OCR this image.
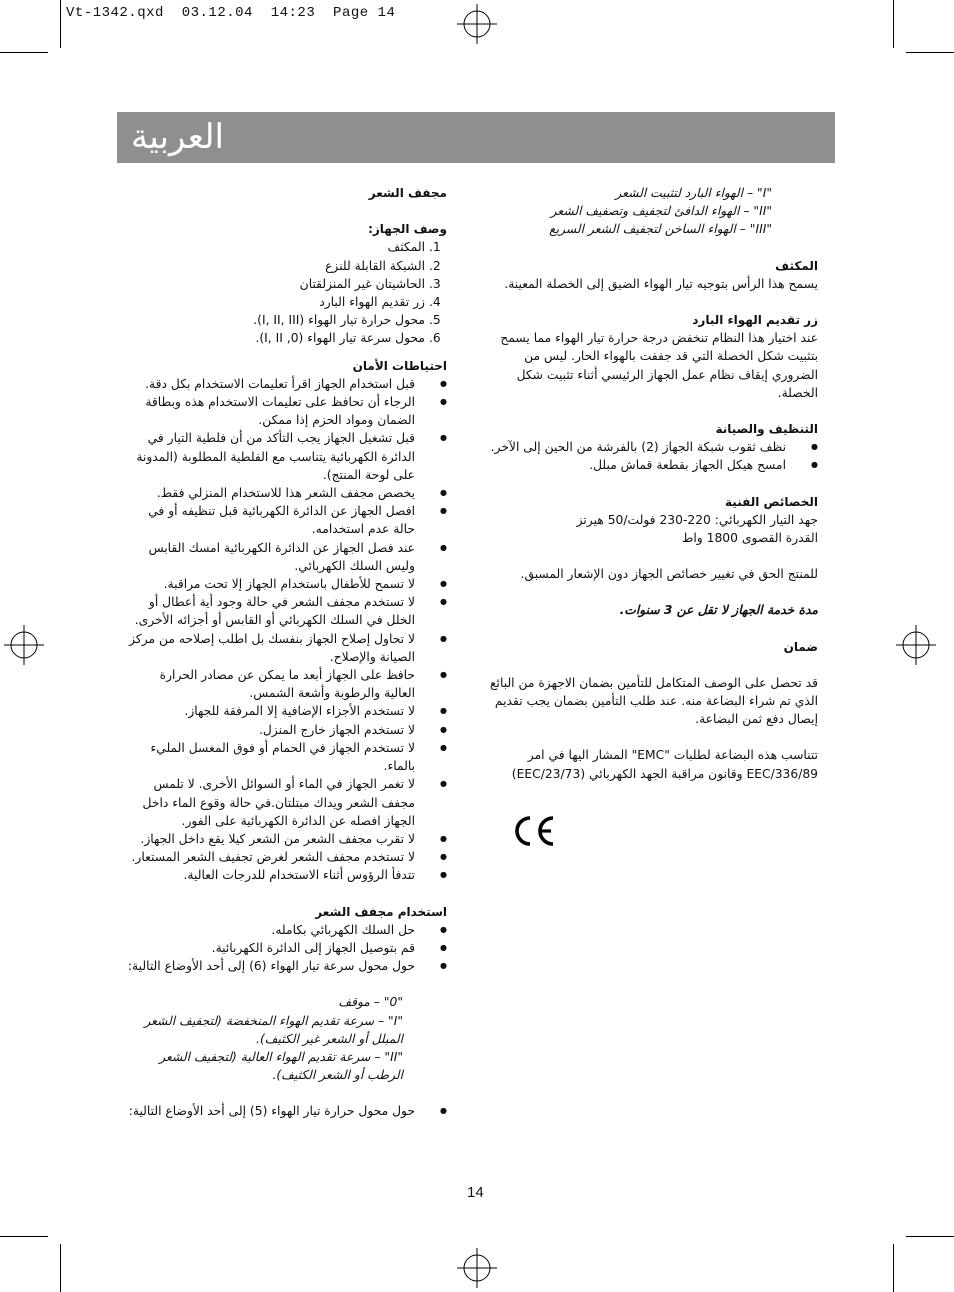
Vt-1342.qxd  03.12.04  14:23  Page 14
العربية

مجفف الشعر

وصف الجهاز:

1.
المكثف
2.
الشبكة القابلة للنزع
3.
الحاشيتان غير المنزلقتان
4.
زر تقديم الهواء البارد
5.
محول حرارة تيار الهواء (I, II, III).
6.
محول سرعة تيار الهواء (0, I, II).

احتياطات الأمان

● قبل استخدام الجهاز اقرأ تعليمات الاستخدام بكل دقة.
● الرجاء أن تحافظ على تعليمات الاستخدام هذه وبطاقة الضمان ومواد الحزم إذا ممكن.
● قبل تشغيل الجهاز يجب التأكد من أن فلطية التيار في الدائرة الكهربائية يتناسب مع الفلطية المطلوبة (المدونة على لوحة المنتج).
● يخصص مجفف الشعر هذا للاستخدام المنزلي فقط.
● افصل الجهاز عن الدائرة الكهربائية قبل تنظيفه أو في حالة عدم استخدامه.
● عند فصل الجهاز عن الدائرة الكهربائية امسك القابس وليس السلك الكهربائي.
● لا تسمح للأطفال باستخدام الجهاز إلا تحت مراقبة.
● لا تستخدم مجفف الشعر في حالة وجود أية أعطال أو الخلل في السلك الكهربائي أو القابس أو أجزائه الأخرى.
● لا تحاول إصلاح الجهاز بنفسك بل اطلب إصلاحه من مركز الصيانة والإصلاح.
● حافظ على الجهاز أبعد ما يمكن عن مصادر الحرارة العالية والرطوبة وأشعة الشمس.
● لا تستخدم الأجزاء الإضافية إلا المرفقة للجهاز.
● لا تستخدم الجهاز خارج المنزل.
● لا تستخدم الجهاز في الحمام أو فوق المغسل المليء بالماء.
● لا تغمر الجهاز في الماء أو السوائل الأخرى. لا تلمس مجفف الشعر ويداك مبتلتان.في حالة وقوع الماء داخل الجهاز افصله عن الدائرة الكهربائية على الفور.
● لا تقرب مجفف الشعر من الشعر كيلا يقع داخل الجهاز.
● لا تستخدم مجفف الشعر لغرض تجفيف الشعر المستعار.
● تتدفأ الرؤوس أثناء الاستخدام للدرجات العالية.

استخدام مجفف الشعر

● حل السلك الكهربائي بكامله.
● قم بتوصيل الجهاز إلى الدائرة الكهربائية.
● حول محول سرعة تيار الهواء (6) إلى أحد الأوضاع التالية:

"0" – موقف

"I" – سرعة تقديم الهواء المنخفضة (لتجفيف الشعر المبلل أو الشعر غير الكثيف).

"II" – سرعة تقديم الهواء العالية (لتجفيف الشعر الرطب أو الشعر الكثيف).

● حول محول حرارة تيار الهواء (5) إلى أحد الأوضاع التالية:

"I" – الهواء البارد لتثبيت الشعر

"II" – الهواء الدافئ لتجفيف وتصفيف الشعر

"III" – الهواء الساخن لتجفيف الشعر السريع

المكثف

يسمح هذا الرأس بتوجيه تيار الهواء الضيق إلى الخصلة المعينة.

زر تقديم الهواء البارد

عند اختيار هذا النظام تنخفض درجة حرارة تيار الهواء مما يسمح بتثبيت شكل الخصلة التي قد جففت بالهواء الحار. ليس من الضروري إيقاف نظام عمل الجهاز الرئيسي أثناء تثبيت شكل الخصلة.

التنظيف والصيانة

● نظف ثقوب شبكة الجهاز (2) بالفرشة من الحين إلى الآخر.
● امسح هيكل الجهاز بقطعة قماش مبلل.

الخصائص الفنية

جهد التيار الكهربائي: 220-230 فولت/50 هيرتز

القدرة القصوى 1800 واط

للمنتج الحق في تغيير خصائص الجهاز دون الإشعار المسبق.

مدة خدمة الجهاز لا تقل عن 3 سنوات.

ضمان

قد تحصل على الوصف المتكامل للتأمين بضمان الاجهزة من البائع الذي تم شراء البضاعة منه. عند طلب التأمين بضمان يجب تقديم إيصال دفع ثمن البضاعة.

تتناسب هذه البضاعة لطلبات "EMC" المشار اليها في امر EEC/336/89 وقانون مراقبة الجهد الكهربائي (EEC/23/73)

14
